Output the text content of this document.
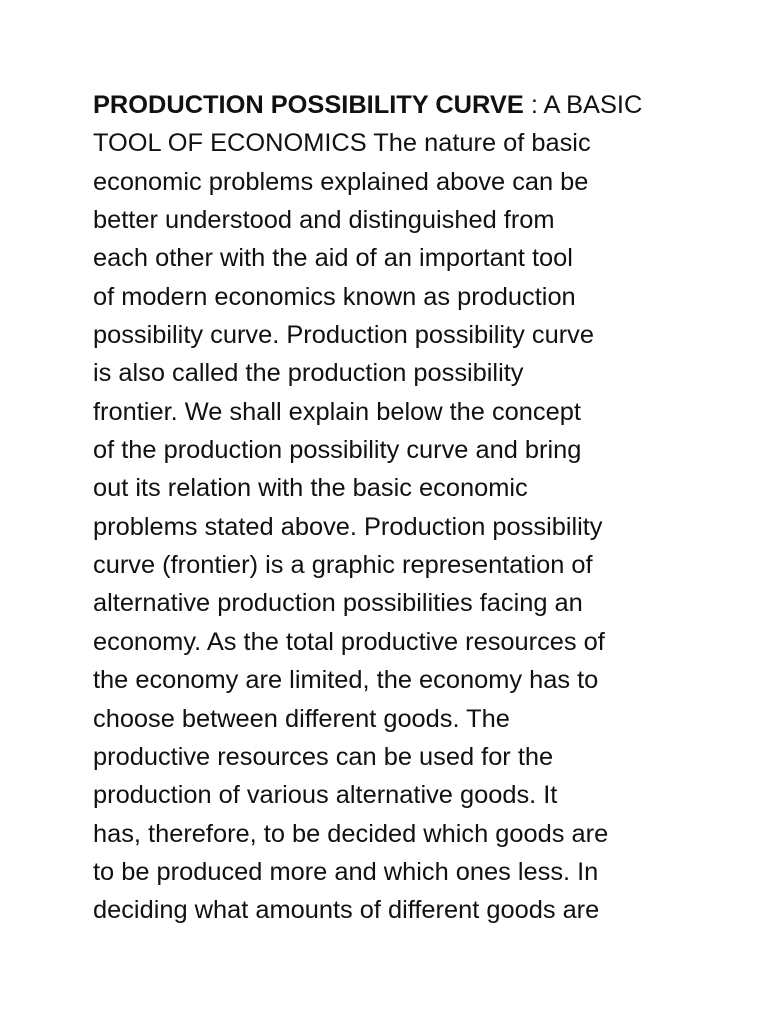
PRODUCTION POSSIBILITY CURVE : A BASIC
TOOL OF ECONOMICS The nature of basic
economic problems explained above can be
better understood and distinguished from
each other with the aid of an important tool
of modern economics known as production
possibility curve. Production possibility curve
is also called the production possibility
frontier. We shall explain below the concept
of the production possibility curve and bring
out its relation with the basic economic
problems stated above. Production possibility
curve (frontier) is a graphic representation of
alternative production possibilities facing an
economy. As the total productive resources of
the economy are limited, the economy has to
choose between different goods. The
productive resources can be used for the
production of various alternative goods. It
has, therefore, to be decided which goods are
to be produced more and which ones less. In
deciding what amounts of different goods are
